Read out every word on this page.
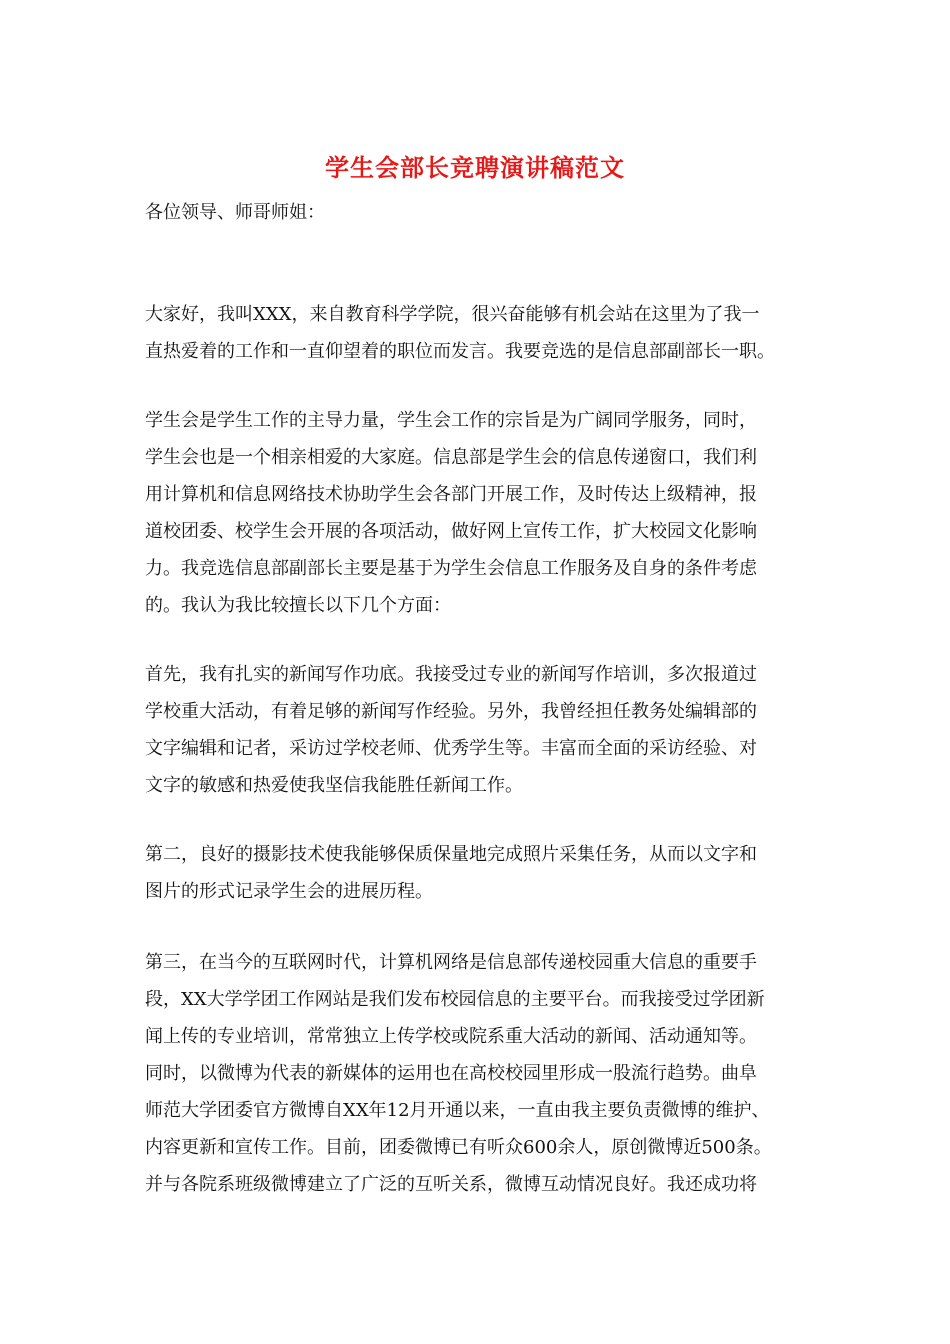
学生会部长竞聘演讲稿范文
各位领导、师哥师姐：

大家好，我叫XXX，来自教育科学学院，很兴奋能够有机会站在这里为了我一

直热爱着的工作和一直仰望着的职位而发言。我要竞选的是信息部副部长一职。

学生会是学生工作的主导力量，学生会工作的宗旨是为广阔同学服务，同时，

学生会也是一个相亲相爱的大家庭。信息部是学生会的信息传递窗口，我们利

用计算机和信息网络技术协助学生会各部门开展工作，及时传达上级精神，报

道校团委、校学生会开展的各项活动，做好网上宣传工作，扩大校园文化影响

力。我竞选信息部副部长主要是基于为学生会信息工作服务及自身的条件考虑

的。我认为我比较擅长以下几个方面：

首先，我有扎实的新闻写作功底。我接受过专业的新闻写作培训，多次报道过

学校重大活动，有着足够的新闻写作经验。另外，我曾经担任教务处编辑部的

文字编辑和记者，采访过学校老师、优秀学生等。丰富而全面的采访经验、对

文字的敏感和热爱使我坚信我能胜任新闻工作。

第二，良好的摄影技术使我能够保质保量地完成照片采集任务，从而以文字和

图片的形式记录学生会的进展历程。

第三，在当今的互联网时代，计算机网络是信息部传递校园重大信息的重要手

段，XX大学学团工作网站是我们发布校园信息的主要平台。而我接受过学团新

闻上传的专业培训，常常独立上传学校或院系重大活动的新闻、活动通知等。

同时，以微博为代表的新媒体的运用也在高校校园里形成一股流行趋势。曲阜

师范大学团委官方微博自XX年12月开通以来，一直由我主要负责微博的维护、

内容更新和宣传工作。目前，团委微博已有听众600余人，原创微博近500条。

并与各院系班级微博建立了广泛的互听关系，微博互动情况良好。我还成功将
